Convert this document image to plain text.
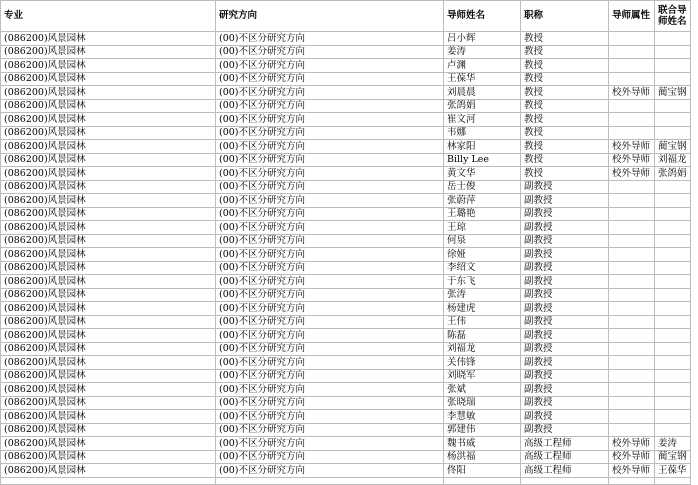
专业	研究方向	导师姓名	职称	导师属性	联合导师姓名
(086200)风景园林	(00)不区分研究方向	吕小辉	教授		
(086200)风景园林	(00)不区分研究方向	姜涛	教授		
(086200)风景园林	(00)不区分研究方向	卢渊	教授		
(086200)风景园林	(00)不区分研究方向	王葆华	教授		
(086200)风景园林	(00)不区分研究方向	刘晨晨	教授	校外导师	蔺宝钢
(086200)风景园林	(00)不区分研究方向	张鸽娟	教授		
(086200)风景园林	(00)不区分研究方向	崔文河	教授		
(086200)风景园林	(00)不区分研究方向	韦娜	教授		
(086200)风景园林	(00)不区分研究方向	林家阳	教授	校外导师	蔺宝钢
(086200)风景园林	(00)不区分研究方向	Billy Lee	教授	校外导师	刘福龙
(086200)风景园林	(00)不区分研究方向	黄文华	教授	校外导师	张鸽娟
(086200)风景园林	(00)不区分研究方向	岳士俊	副教授		
(086200)风景园林	(00)不区分研究方向	张蔚萍	副教授		
(086200)风景园林	(00)不区分研究方向	王璐艳	副教授		
(086200)风景园林	(00)不区分研究方向	王琼	副教授		
(086200)风景园林	(00)不区分研究方向	何泉	副教授		
(086200)风景园林	(00)不区分研究方向	徐娅	副教授		
(086200)风景园林	(00)不区分研究方向	李绍文	副教授		
(086200)风景园林	(00)不区分研究方向	于东飞	副教授		
(086200)风景园林	(00)不区分研究方向	张涛	副教授		
(086200)风景园林	(00)不区分研究方向	杨建虎	副教授		
(086200)风景园林	(00)不区分研究方向	王伟	副教授		
(086200)风景园林	(00)不区分研究方向	陈磊	副教授		
(086200)风景园林	(00)不区分研究方向	刘福龙	副教授		
(086200)风景园林	(00)不区分研究方向	关伟锋	副教授		
(086200)风景园林	(00)不区分研究方向	刘晓军	副教授		
(086200)风景园林	(00)不区分研究方向	张斌	副教授		
(086200)风景园林	(00)不区分研究方向	张晓瑞	副教授		
(086200)风景园林	(00)不区分研究方向	李慧敏	副教授		
(086200)风景园林	(00)不区分研究方向	郭建伟	副教授		
(086200)风景园林	(00)不区分研究方向	魏书威	高级工程师	校外导师	姜涛
(086200)风景园林	(00)不区分研究方向	杨洪福	高级工程师	校外导师	蔺宝钢
(086200)风景园林	(00)不区分研究方向	佟阳	高级工程师	校外导师	王葆华
